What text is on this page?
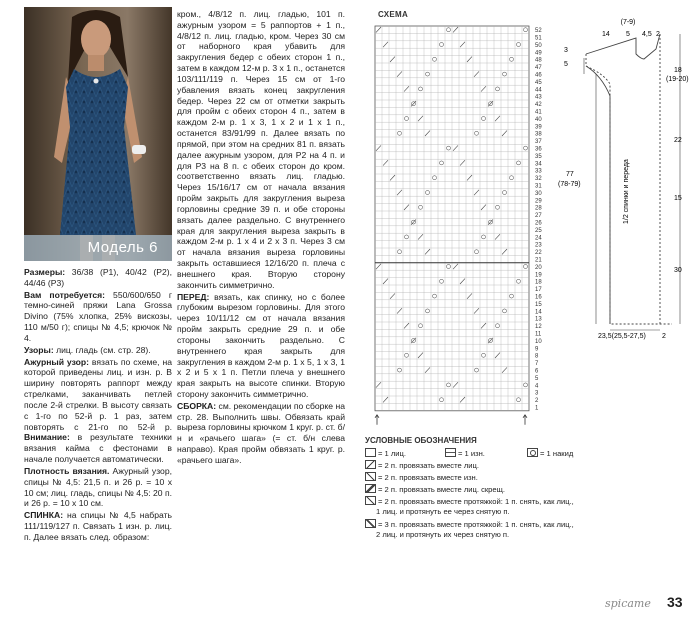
Модель 6

Размеры: 36/38 (P1), 40/42 (P2), 44/46 (P3)

Вам потребуется: 550/600/650 г темно-синей пряжи Lana Grossa Divino (75% хлопка, 25% вискозы, 110 м/50 г); спицы № 4,5; крючок № 4.

Узоры: лиц. гладь (см. стр. 28).

Ажурный узор: вязать по схеме, на которой приведены лиц. и изн. р. В ширину повторять раппорт между стрелками, заканчивать петлей после 2-й стрелки. В высоту связать с 1-го по 52-й р. 1 раз, затем повторять с 21-го по 52-й р. Внимание: в результате техники вязания кайма с фестонами в начале получается автоматически.

Плотность вязания. Ажурный узор, спицы № 4,5: 21,5 п. и 26 р. = 10 х 10 см; лиц. гладь, спицы № 4,5: 20 п. и 26 р. = 10 х 10 см.

СПИНКА: на спицы № 4,5 набрать 111/119/127 п. Связать 1 изн. р. лиц. п. Далее вязать след. образом:

кром., 4/8/12 п. лиц. гладью, 101 п. ажурным узором = 5 раппортов + 1 п., 4/8/12 п. лиц. гладью, кром. Через 30 см от наборного края убавить для закругления бедер с обеих сторон 1 п., затем в каждом 12-м р. 3 х 1 п., останется 103/111/119 п. Через 15 см от 1-го убавления вязать конец закругления бедер. Через 22 см от отметки закрыть для пройм с обеих сторон 4 п., затем в каждом 2-м р. 1 х 3, 1 х 2 и 1 х 1 п., останется 83/91/99 п. Далее вязать по прямой, при этом на средних 81 п. вязать далее ажурным узором, для P2 на 4 п. и для P3 на 8 п. с обеих сторон до кром. соответственно вязать лиц. гладью. Через 15/16/17 см от начала вязания пройм закрыть для закругления выреза горловины средние 39 п. и обе стороны вязать далее раздельно. С внутреннего края для закругления выреза закрыть в каждом 2-м р. 1 х 4 и 2 х 3 п. Через 3 см от начала вязания выреза горловины закрыть оставшиеся 12/16/20 п. плеча с внешнего края. Вторую сторону закончить симметрично.

ПЕРЕД: вязать, как спинку, но с более глубоким вырезом горловины. Для этого через 10/11/12 см от начала вязания пройм закрыть средние 29 п. и обе стороны закончить раздельно. С внутреннего края закрыть для закругления в каждом 2-м р. 1 х 5, 1 х 3, 1 х 2 и 5 х 1 п. Петли плеча у внешнего края закрыть на высоте спинки. Вторую сторону закончить симметрично.

СБОРКА: см. рекомендации по сборке на стр. 28. Выполнить швы. Обвязать край выреза горловины крючком 1 круг. р. ст. б/н и «рачьего шага» (= ст. б/н слева направо). Края пройм обвязать 1 круг. р. «рачьего шага».

СХЕМА
52
51
50
49
48
47
46
45
44
43
42
41
40
39
38
37
36
35
34
33
32
31
30
29
28
27
26
25
24
23
22
21
20
19
18
17
16
15
14
13
12
11
10
9
8
7
6
5
4
3
2
1
(7-9)
5
14	4,5 2
3
5
18
(19-20)
22
15
30
77
(78-79)	1/2 спинки и переда
23,5(25,5-27,5) 2
УСЛОВНЫЕ ОБОЗНАЧЕНИЯ
= 1 лиц.	= 1 изн.	= 1 накид
= 2 п. провязать вместе лиц.
= 2 п. провязать вместе изн.
= 2 п. провязать вместе лиц. скрещ.
= 2 п. провязать вместе протяжкой: 1 п. снять, как лиц.,
1 лиц. и протянуть ее через снятую п.
= 3 п. провязать вместе протяжкой: 1 п. снять, как лиц.,
2 лиц. и протянуть их через снятую п.
spicame 33
